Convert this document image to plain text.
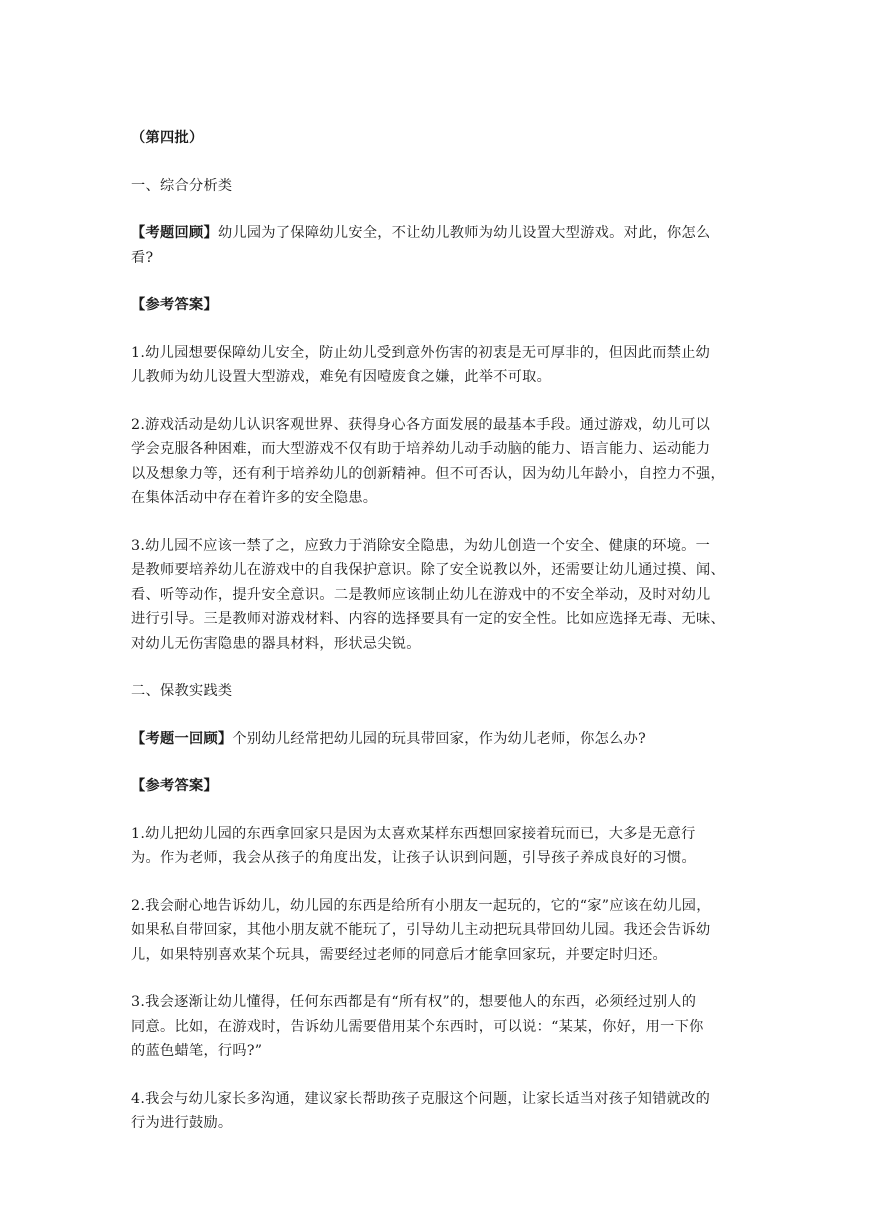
（第四批）

一、综合分析类

【考题回顾】幼儿园为了保障幼儿安全，不让幼儿教师为幼儿设置大型游戏。对此，你怎么
看?

【参考答案】

1.幼儿园想要保障幼儿安全，防止幼儿受到意外伤害的初衷是无可厚非的，但因此而禁止幼
儿教师为幼儿设置大型游戏，难免有因噎废食之嫌，此举不可取。

2.游戏活动是幼儿认识客观世界、获得身心各方面发展的最基本手段。通过游戏，幼儿可以
学会克服各种困难，而大型游戏不仅有助于培养幼儿动手动脑的能力、语言能力、运动能力
以及想象力等，还有利于培养幼儿的创新精神。但不可否认，因为幼儿年龄小，自控力不强，
在集体活动中存在着许多的安全隐患。

3.幼儿园不应该一禁了之，应致力于消除安全隐患，为幼儿创造一个安全、健康的环境。一
是教师要培养幼儿在游戏中的自我保护意识。除了安全说教以外，还需要让幼儿通过摸、闻、
看、听等动作，提升安全意识。二是教师应该制止幼儿在游戏中的不安全举动，及时对幼儿
进行引导。三是教师对游戏材料、内容的选择要具有一定的安全性。比如应选择无毒、无味、
对幼儿无伤害隐患的器具材料，形状忌尖锐。

二、保教实践类

【考题一回顾】个别幼儿经常把幼儿园的玩具带回家，作为幼儿老师，你怎么办?

【参考答案】

1.幼儿把幼儿园的东西拿回家只是因为太喜欢某样东西想回家接着玩而已，大多是无意行
为。作为老师，我会从孩子的角度出发，让孩子认识到问题，引导孩子养成良好的习惯。

2.我会耐心地告诉幼儿，幼儿园的东西是给所有小朋友一起玩的，它的“家”应该在幼儿园，
如果私自带回家，其他小朋友就不能玩了，引导幼儿主动把玩具带回幼儿园。我还会告诉幼
儿，如果特别喜欢某个玩具，需要经过老师的同意后才能拿回家玩，并要定时归还。

3.我会逐渐让幼儿懂得，任何东西都是有“所有权”的，想要他人的东西，必须经过别人的
同意。比如，在游戏时，告诉幼儿需要借用某个东西时，可以说：“某某，你好，用一下你
的蓝色蜡笔，行吗?”

4.我会与幼儿家长多沟通，建议家长帮助孩子克服这个问题，让家长适当对孩子知错就改的
行为进行鼓励。
